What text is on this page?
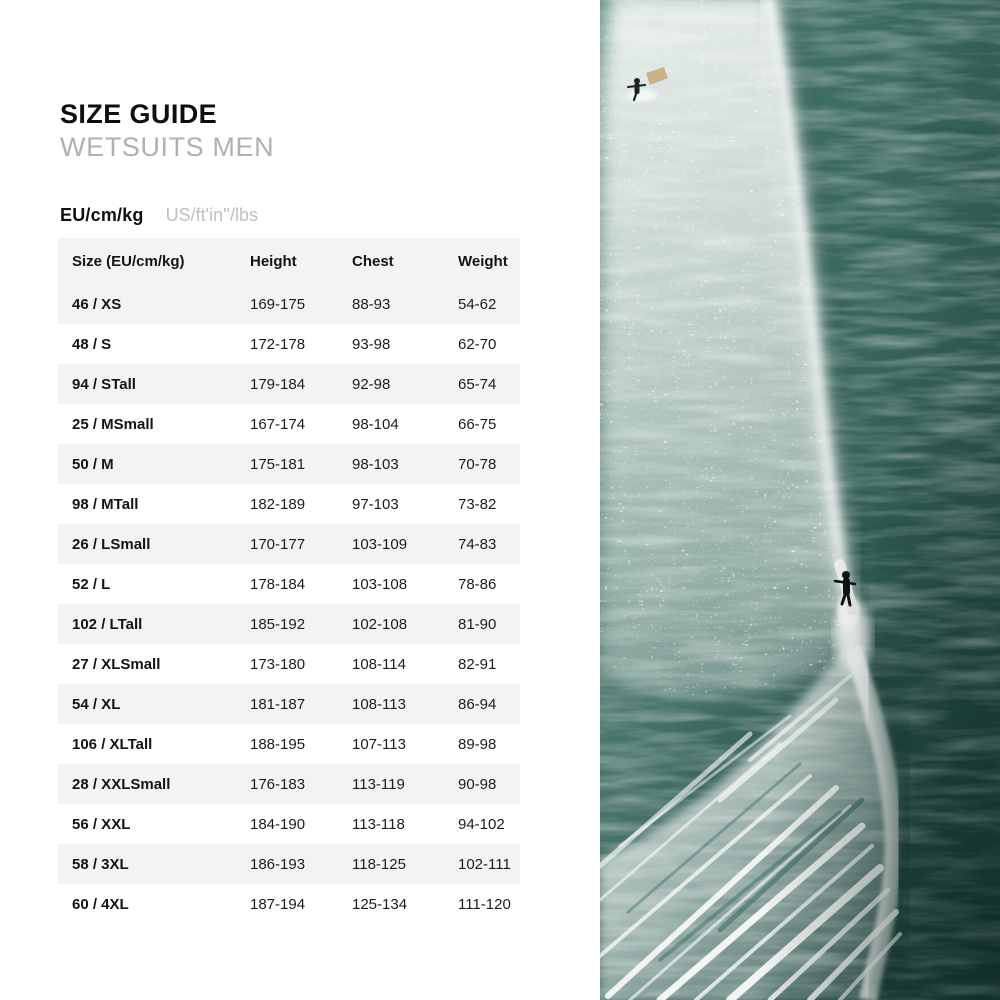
SIZE GUIDE
WETSUITS MEN
EU/cm/kg US/ft'in''/lbs
Size (EU/cm/kg)	Height	Chest	Weight
46 / XS	169-175	88-93	54-62
48 / S	172-178	93-98	62-70
94 / STall	179-184	92-98	65-74
25 / MSmall	167-174	98-104	66-75
50 / M	175-181	98-103	70-78
98 / MTall	182-189	97-103	73-82
26 / LSmall	170-177	103-109	74-83
52 / L	178-184	103-108	78-86
102 / LTall	185-192	102-108	81-90
27 / XLSmall	173-180	108-114	82-91
54 / XL	181-187	108-113	86-94
106 / XLTall	188-195	107-113	89-98
28 / XXLSmall	176-183	113-119	90-98
56 / XXL	184-190	113-118	94-102
58 / 3XL	186-193	118-125	102-111
60 / 4XL	187-194	125-134	111-120
